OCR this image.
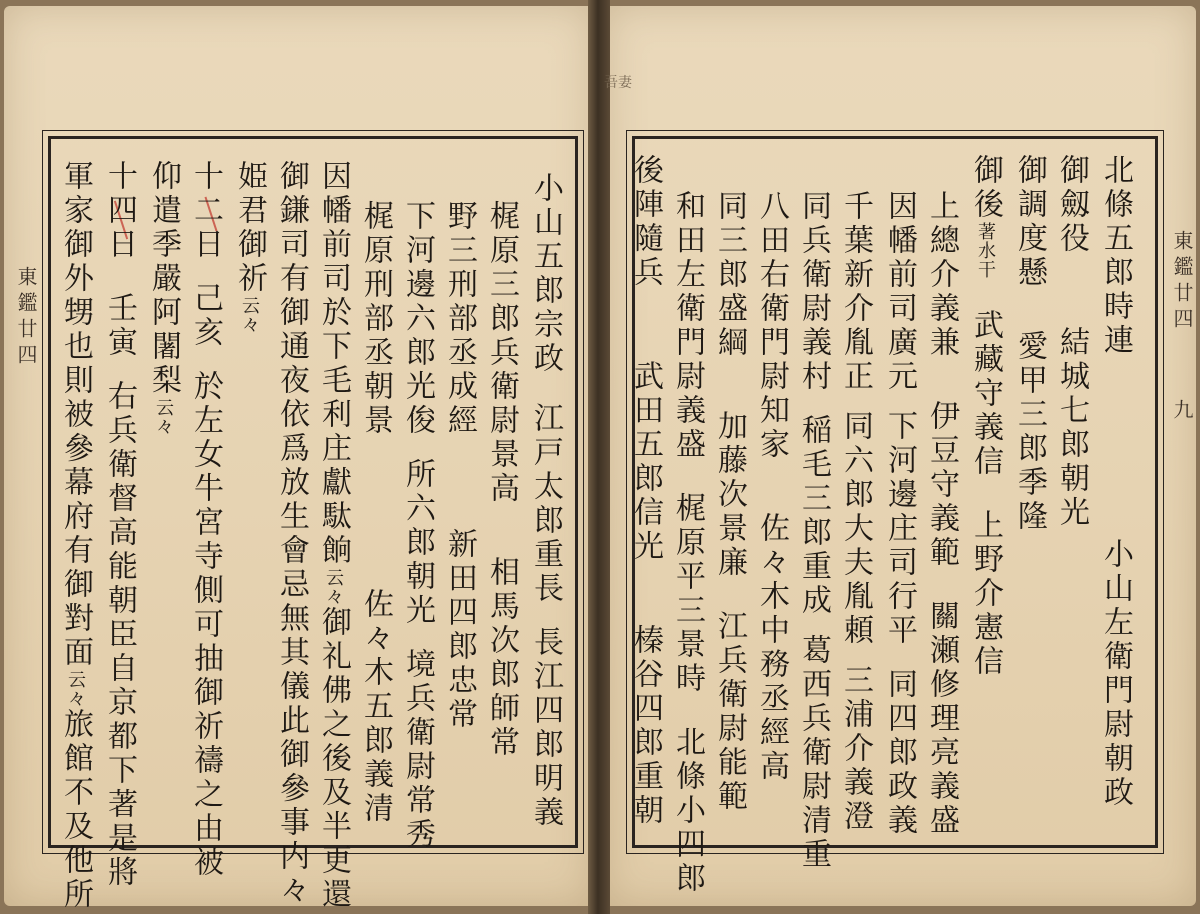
東鑑廿四	東鑑廿四  九
吾妻
北條五郎時連小山左衛門尉朝政
御劔役結城七郎朝光
御調度懸愛甲三郎季隆
御後著水干武藏守義信上野介憲信
上總介義兼伊豆守義範關瀬修理亮義盛
因幡前司廣元下河邊庄司行平同四郎政義
千葉新介胤正同六郎大夫胤頼三浦介義澄
同兵衛尉義村稲毛三郎重成葛西兵衛尉清重
八田右衛門尉知家佐々木中務丞經高
同三郎盛綱加藤次景廉江兵衛尉能範
和田左衛門尉義盛梶原平三景時北條小四郎
後陣隨兵武田五郎信光榛谷四郎重朝
小山五郎宗政江戸太郎重長長江四郎明義
梶原三郎兵衛尉景高相馬次郎師常
野三刑部丞成經新田四郎忠常
下河邊六郎光俊所六郎朝光境兵衛尉常秀
梶原刑部丞朝景佐々木五郎義清
因幡前司於下毛利庄獻駄餉云々御礼佛之後及半更還
御鎌司有御通夜依爲放生會忌無其儀此御參事内々
姫君御祈云々
十二日己亥於左女牛宮寺側可抽御祈禱之由被
仰遣季嚴阿闍梨云々
十四日壬寅右兵衛督高能朝臣自京都下著是將
軍家御外甥也則被參幕府有御對面云々旅館不及他所
